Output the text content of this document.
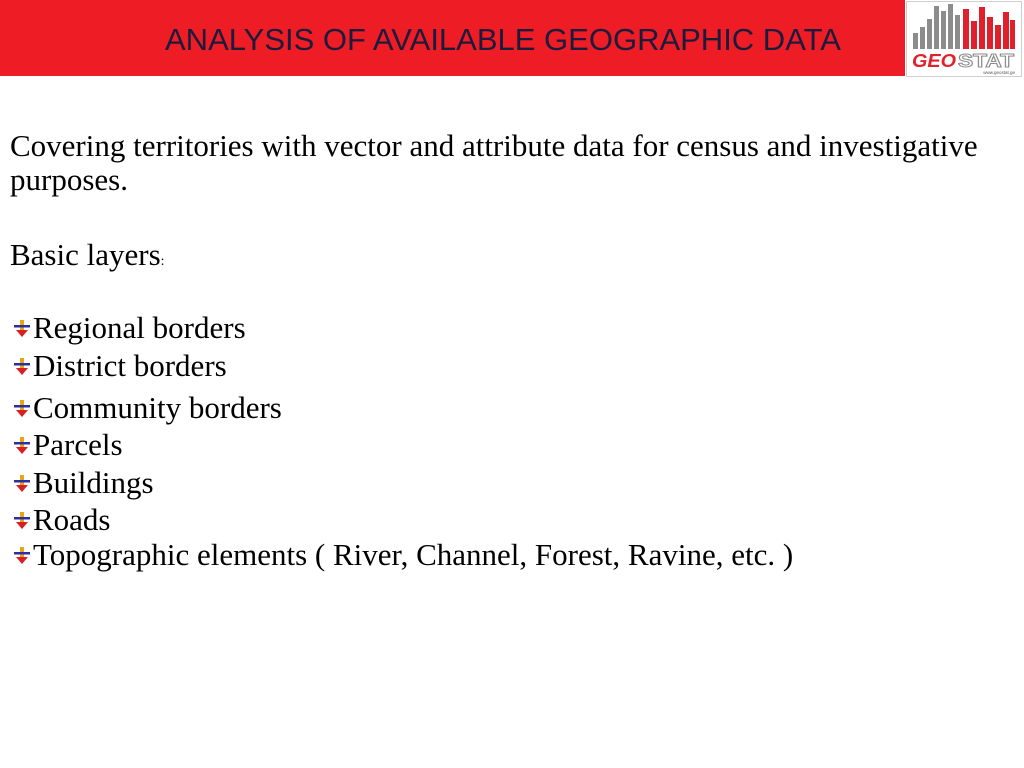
ANALYSIS OF AVAILABLE GEOGRAPHIC DATA
GEO STAT
www.geostat.ge
Covering territories with vector and attribute data for census and investigative purposes.
Basic layers:
Regional borders
District borders
Community borders
Parcels
Buildings
Roads
Topographic elements ( River, Channel, Forest, Ravine, etc. )
